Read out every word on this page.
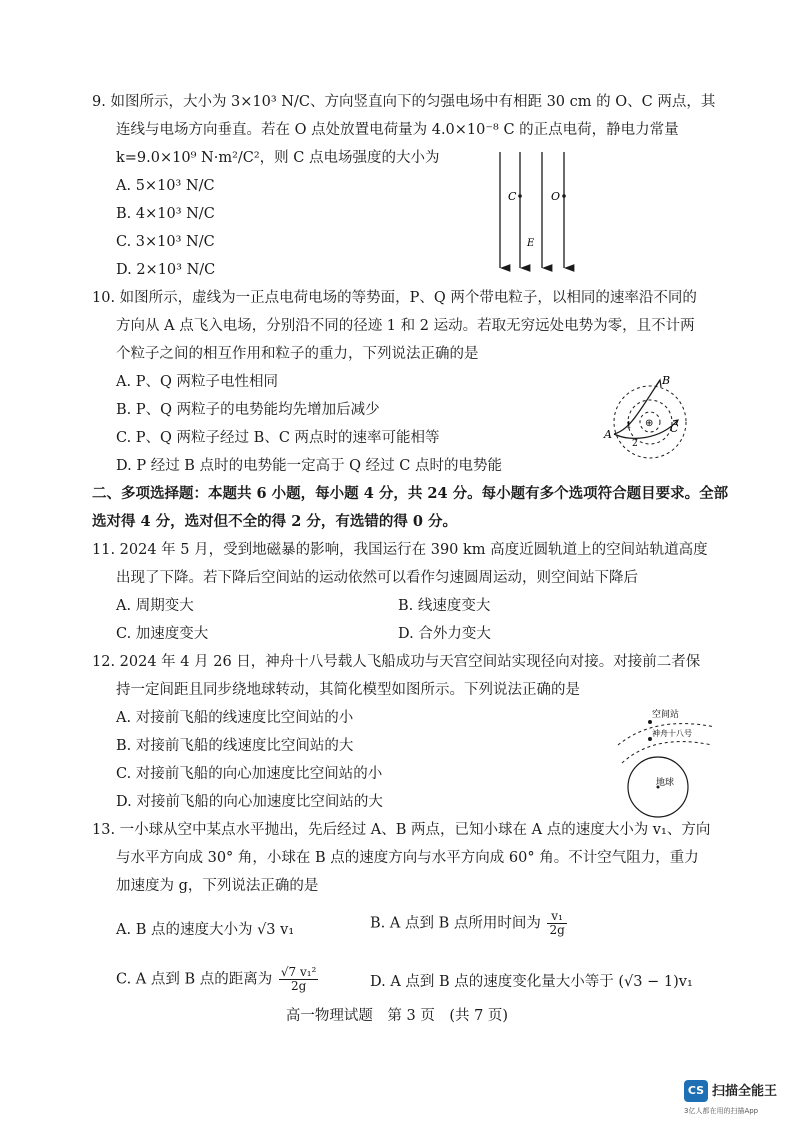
9. 如图所示，大小为 3×10³ N/C、方向竖直向下的匀强电场中有相距 30 cm 的 O、C 两点，其
连线与电场方向垂直。若在 O 点处放置电荷量为 4.0×10⁻⁸ C 的正点电荷，静电力常量
k=9.0×10⁹ N·m²/C²，则 C 点电场强度的大小为
A. 5×10³ N/C
B. 4×10³ N/C
C. 3×10³ N/C
D. 2×10³ N/C
C	O
E
10. 如图所示，虚线为一正点电荷电场的等势面，P、Q 两个带电粒子，以相同的速率沿不同的
方向从 A 点飞入电场，分别沿不同的径迹 1 和 2 运动。若取无穷远处电势为零，且不计两
个粒子之间的相互作用和粒子的重力，下列说法正确的是
A. P、Q 两粒子电性相同
B. P、Q 两粒子的电势能均先增加后减少
C. P、Q 两粒子经过 B、C 两点时的速率可能相等
D. P 经过 B 点时的电势能一定高于 Q 经过 C 点时的电势能
⊕
A
B
C
1
2
二、多项选择题：本题共 6 小题，每小题 4 分，共 24 分。每小题有多个选项符合题目要求。全部
选对得 4 分，选对但不全的得 2 分，有选错的得 0 分。
11. 2024 年 5 月，受到地磁暴的影响，我国运行在 390 km 高度近圆轨道上的空间站轨道高度
出现了下降。若下降后空间站的运动依然可以看作匀速圆周运动，则空间站下降后
A. 周期变大	B. 线速度变大
C. 加速度变大	D. 合外力变大
12. 2024 年 4 月 26 日，神舟十八号载人飞船成功与天宫空间站实现径向对接。对接前二者保
持一定间距且同步绕地球转动，其简化模型如图所示。下列说法正确的是
A. 对接前飞船的线速度比空间站的小
B. 对接前飞船的线速度比空间站的大
C. 对接前飞船的向心加速度比空间站的小
D. 对接前飞船的向心加速度比空间站的大
空间站
神舟十八号
地球
13. 一小球从空中某点水平抛出，先后经过 A、B 两点，已知小球在 A 点的速度大小为 v₁、方向
与水平方向成 30° 角，小球在 B 点的速度方向与水平方向成 60° 角。不计空气阻力，重力
加速度为 g，下列说法正确的是
A. B 点的速度大小为 √3 v₁	B. A 点到 B 点所用时间为 $\frac{\text{v₁}}{2g}$
C. A 点到 B 点的距离为 $\frac{\text{√7 v₁²}}{2g}$	D. A 点到 B 点的速度变化量大小等于 (√3 − 1)v₁
高一物理试题　第 3 页　(共 7 页)
CS 扫描全能王
3亿人都在用的扫描App
